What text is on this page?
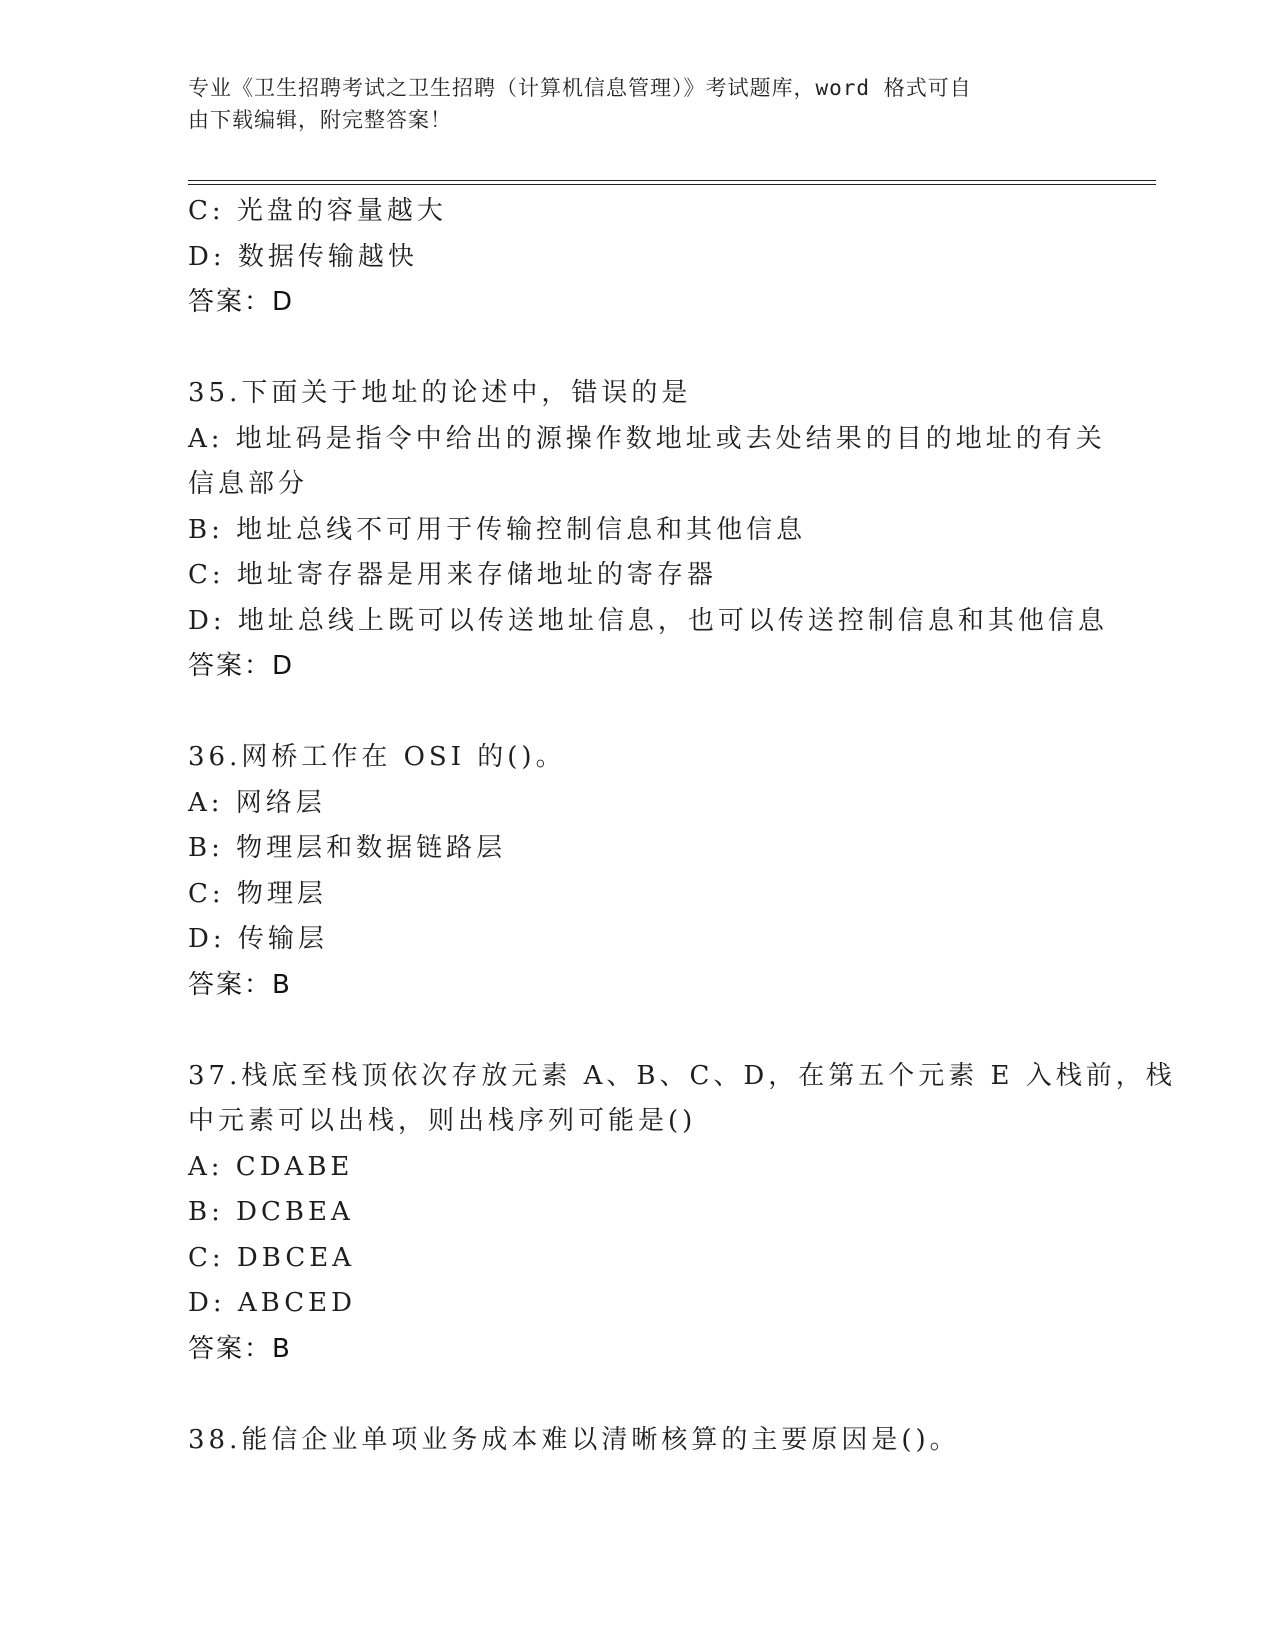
专业《卫生招聘考试之卫生招聘（计算机信息管理）》考试题库，word 格式可自
由下载编辑，附完整答案！
C: 光盘的容量越大
D: 数据传输越快
答案：D
35.下面关于地址的论述中，错误的是
A: 地址码是指令中给出的源操作数地址或去处结果的目的地址的有关
信息部分
B: 地址总线不可用于传输控制信息和其他信息
C: 地址寄存器是用来存储地址的寄存器
D: 地址总线上既可以传送地址信息，也可以传送控制信息和其他信息
答案：D
36.网桥工作在 OSI 的()。
A: 网络层
B: 物理层和数据链路层
C: 物理层
D: 传输层
答案：B
37.栈底至栈顶依次存放元素 A、B、C、D，在第五个元素 E 入栈前，栈
中元素可以出栈，则出栈序列可能是()
A: CDABE
B: DCBEA
C: DBCEA
D: ABCED
答案：B
38.能信企业单项业务成本难以清晰核算的主要原因是()。
